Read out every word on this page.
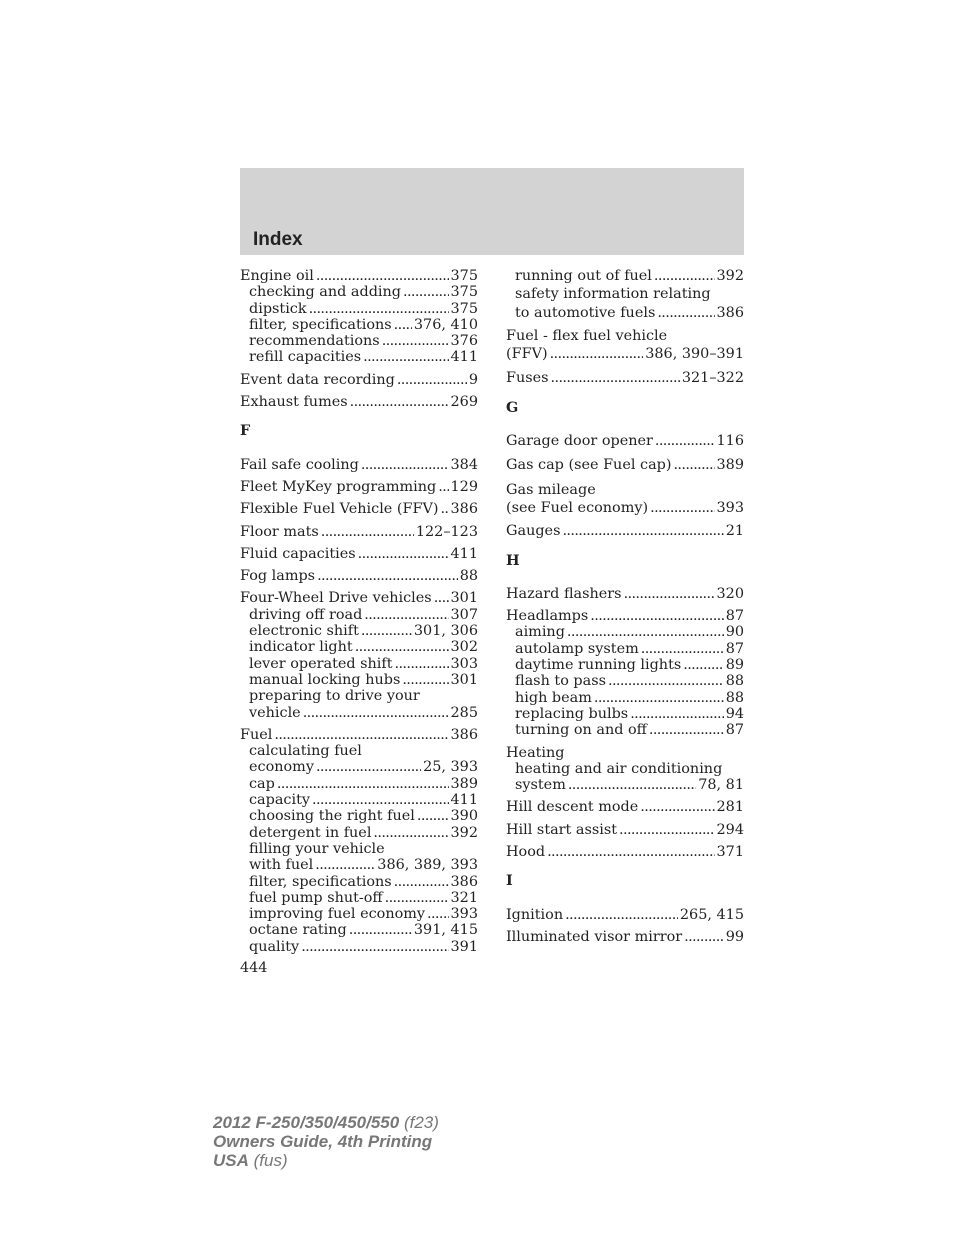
Index
Engine oil . . .	375
checking and adding . . .	375
dipstick . . .	375
filter, specifications . . . 376, 410
recommendations . . .	376
refill capacities . . .	411
Event data recording . . .	9
Exhaust fumes . . .	269
F
Fail safe cooling . . .	384
Fleet MyKey programming . . . 129
Flexible Fuel Vehicle (FFV) . . . 386
Floor mats . . .	122–123
Fluid capacities . . .	411
Fog lamps . . .	88
Four-Wheel Drive vehicles . . . 301
driving off road . . .	307
electronic shift . . .	301, 306
indicator light . . .	302
lever operated shift . . .	303
manual locking hubs . . .	301
preparing to drive your
vehicle . . .	285
Fuel . . .	386
calculating fuel
economy . . .	25, 393
cap . . .	389
capacity . . .	411
choosing the right fuel . . . 390
detergent in fuel . . .	392
filling your vehicle
with fuel . . .	386, 389, 393
filter, specifications . . .	386
fuel pump shut-off . . .	321
improving fuel economy . . . 393
octane rating . . .	391, 415
quality . . .	391
running out of fuel . . .	392
safety information relating
to automotive fuels . . .	386
Fuel - flex fuel vehicle
(FFV) . . .	386, 390–391
Fuses . . .	321–322
G
Garage door opener . . .	116
Gas cap (see Fuel cap) . . .	389
Gas mileage
(see Fuel economy) . . .	393
Gauges . . .	21
H
Hazard flashers . . .	320
Headlamps . . .	87
aiming . . .	90
autolamp system . . .	87
daytime running lights . . .	89
flash to pass . . .	88
high beam . . .	88
replacing bulbs . . .	94
turning on and off . . .	87
Heating
heating and air conditioning
system . . .	78, 81
Hill descent mode . . .	281
Hill start assist . . .	294
Hood . . .	371
I
Ignition . . .	265, 415
Illuminated visor mirror . . .	99
444
2012 F-250/350/450/550 (f23)
Owners Guide, 4th Printing
USA (fus)
